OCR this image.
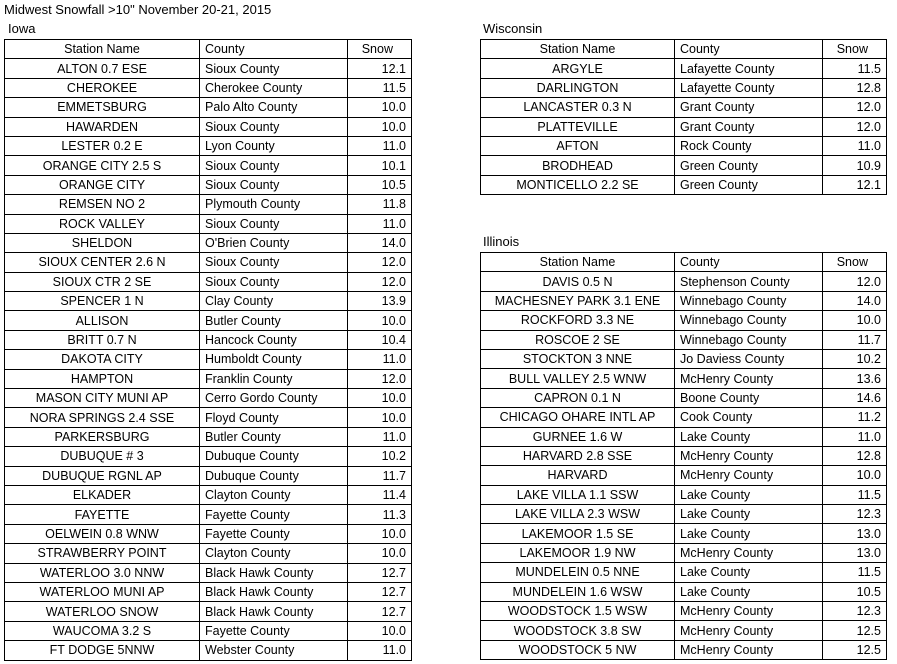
Midwest Snowfall >10" November 20-21, 2015
Iowa
Station Name	County	Snow
ALTON 0.7 ESE	Sioux County	12.1
CHEROKEE	Cherokee County	11.5
EMMETSBURG	Palo Alto County	10.0
HAWARDEN	Sioux County	10.0
LESTER 0.2 E	Lyon County	11.0
ORANGE CITY 2.5 S	Sioux County	10.1
ORANGE CITY	Sioux County	10.5
REMSEN NO 2	Plymouth County	11.8
ROCK VALLEY	Sioux County	11.0
SHELDON	O'Brien County	14.0
SIOUX CENTER 2.6 N	Sioux County	12.0
SIOUX CTR 2 SE	Sioux County	12.0
SPENCER 1 N	Clay County	13.9
ALLISON	Butler County	10.0
BRITT 0.7 N	Hancock County	10.4
DAKOTA CITY	Humboldt County	11.0
HAMPTON	Franklin County	12.0
MASON CITY MUNI AP	Cerro Gordo County	10.0
NORA SPRINGS 2.4 SSE	Floyd County	10.0
PARKERSBURG	Butler County	11.0
DUBUQUE # 3	Dubuque County	10.2
DUBUQUE RGNL AP	Dubuque County	11.7
ELKADER	Clayton County	11.4
FAYETTE	Fayette County	11.3
OELWEIN 0.8 WNW	Fayette County	10.0
STRAWBERRY POINT	Clayton County	10.0
WATERLOO 3.0 NNW	Black Hawk County	12.7
WATERLOO MUNI AP	Black Hawk County	12.7
WATERLOO SNOW	Black Hawk County	12.7
WAUCOMA 3.2 S	Fayette County	10.0
FT DODGE 5NNW	Webster County	11.0
Wisconsin
Station Name	County	Snow
ARGYLE	Lafayette County	11.5
DARLINGTON	Lafayette County	12.8
LANCASTER 0.3 N	Grant County	12.0
PLATTEVILLE	Grant County	12.0
AFTON	Rock County	11.0
BRODHEAD	Green County	10.9
MONTICELLO 2.2 SE	Green County	12.1
Illinois
Station Name	County	Snow
DAVIS 0.5 N	Stephenson County	12.0
MACHESNEY PARK 3.1 ENE	Winnebago County	14.0
ROCKFORD 3.3 NE	Winnebago County	10.0
ROSCOE 2 SE	Winnebago County	11.7
STOCKTON 3 NNE	Jo Daviess County	10.2
BULL VALLEY 2.5 WNW	McHenry County	13.6
CAPRON 0.1 N	Boone County	14.6
CHICAGO OHARE INTL AP	Cook County	11.2
GURNEE 1.6 W	Lake County	11.0
HARVARD 2.8 SSE	McHenry County	12.8
HARVARD	McHenry County	10.0
LAKE VILLA 1.1 SSW	Lake County	11.5
LAKE VILLA 2.3 WSW	Lake County	12.3
LAKEMOOR 1.5 SE	Lake County	13.0
LAKEMOOR 1.9 NW	McHenry County	13.0
MUNDELEIN 0.5 NNE	Lake County	11.5
MUNDELEIN 1.6 WSW	Lake County	10.5
WOODSTOCK 1.5 WSW	McHenry County	12.3
WOODSTOCK 3.8 SW	McHenry County	12.5
WOODSTOCK 5 NW	McHenry County	12.5
